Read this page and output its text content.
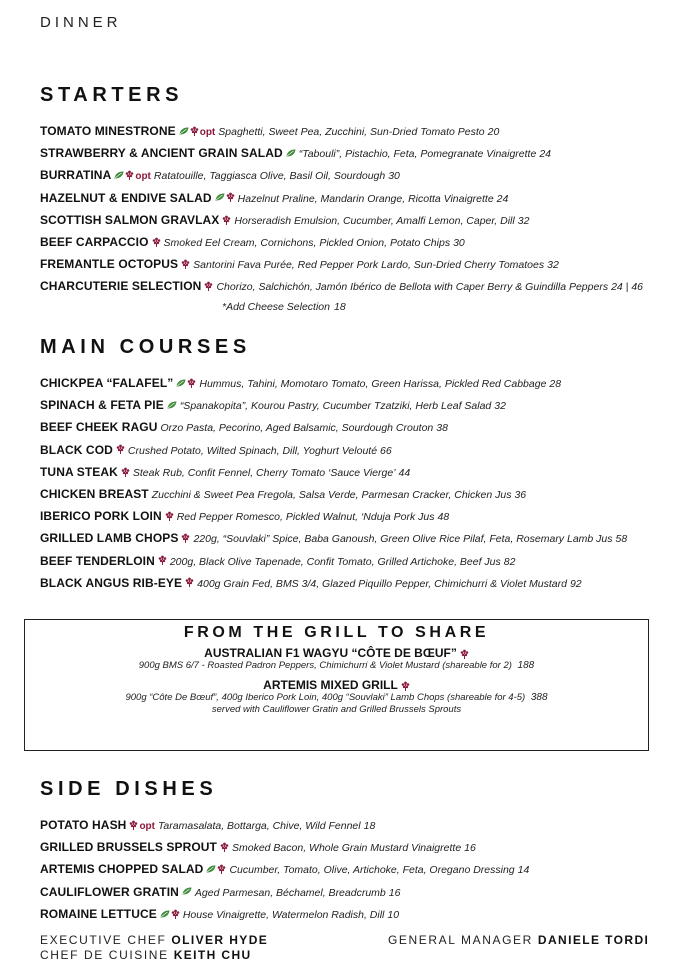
DINNER
STARTERS
TOMATO MINESTRONE opt Spaghetti, Sweet Pea, Zucchini, Sun-Dried Tomato Pesto 20
STRAWBERRY & ANCIENT GRAIN SALAD “Tabouli”, Pistachio, Feta, Pomegranate Vinaigrette 24
BURRATINA opt Ratatouille, Taggiasca Olive, Basil Oil, Sourdough 30
HAZELNUT & ENDIVE SALAD Hazelnut Praline, Mandarin Orange, Ricotta Vinaigrette 24
SCOTTISH SALMON GRAVLAX Horseradish Emulsion, Cucumber, Amalfi Lemon, Caper, Dill 32
BEEF CARPACCIO Smoked Eel Cream, Cornichons, Pickled Onion, Potato Chips 30
FREMANTLE OCTOPUS Santorini Fava Purée, Red Pepper Pork Lardo, Sun-Dried Cherry Tomatoes 32
CHARCUTERIE SELECTION Chorizo, Salchichón, Jamón Ibérico de Bellota with Caper Berry & Guindilla Peppers 24 | 46
*Add Cheese Selection 18
MAIN COURSES
CHICKPEA “FALAFEL” Hummus, Tahini, Momotaro Tomato, Green Harissa, Pickled Red Cabbage 28
SPINACH & FETA PIE “Spanakopita”, Kourou Pastry, Cucumber Tzatziki, Herb Leaf Salad 32
BEEF CHEEK RAGU Orzo Pasta, Pecorino, Aged Balsamic, Sourdough Crouton 38
BLACK COD Crushed Potato, Wilted Spinach, Dill, Yoghurt Velouté 66
TUNA STEAK Steak Rub, Confit Fennel, Cherry Tomato ‘Sauce Vierge’ 44
CHICKEN BREAST Zucchini & Sweet Pea Fregola, Salsa Verde, Parmesan Cracker, Chicken Jus 36
IBERICO PORK LOIN Red Pepper Romesco, Pickled Walnut, ‘Nduja Pork Jus 48
GRILLED LAMB CHOPS 220g, “Souvlaki” Spice, Baba Ganoush, Green Olive Rice Pilaf, Feta, Rosemary Lamb Jus 58
BEEF TENDERLOIN 200g, Black Olive Tapenade, Confit Tomato, Grilled Artichoke, Beef Jus 82
BLACK ANGUS RIB-EYE 400g Grain Fed, BMS 3/4, Glazed Piquillo Pepper, Chimichurri & Violet Mustard 92
FROM THE GRILL TO SHARE
AUSTRALIAN F1 WAGYU “CÔTE DE BŒUF”
900g BMS 6/7 - Roasted Padron Peppers, Chimichurri & Violet Mustard (shareable for 2) 188
ARTEMIS MIXED GRILL
900g “Côte De Bœuf”, 400g Iberico Pork Loin, 400g “Souvlaki” Lamb Chops (shareable for 4-5) 388
served with Cauliflower Gratin and Grilled Brussels Sprouts
SIDE DISHES
POTATO HASH opt Taramasalata, Bottarga, Chive, Wild Fennel 18
GRILLED BRUSSELS SPROUT Smoked Bacon, Whole Grain Mustard Vinaigrette 16
ARTEMIS CHOPPED SALAD Cucumber, Tomato, Olive, Artichoke, Feta, Oregano Dressing 14
CAULIFLOWER GRATIN Aged Parmesan, Béchamel, Breadcrumb 16
ROMAINE LETTUCE House Vinaigrette, Watermelon Radish, Dill 10
EXECUTIVE CHEF OLIVER HYDE
CHEF DE CUISINE KEITH CHU
GENERAL MANAGER DANIELE TORDI
